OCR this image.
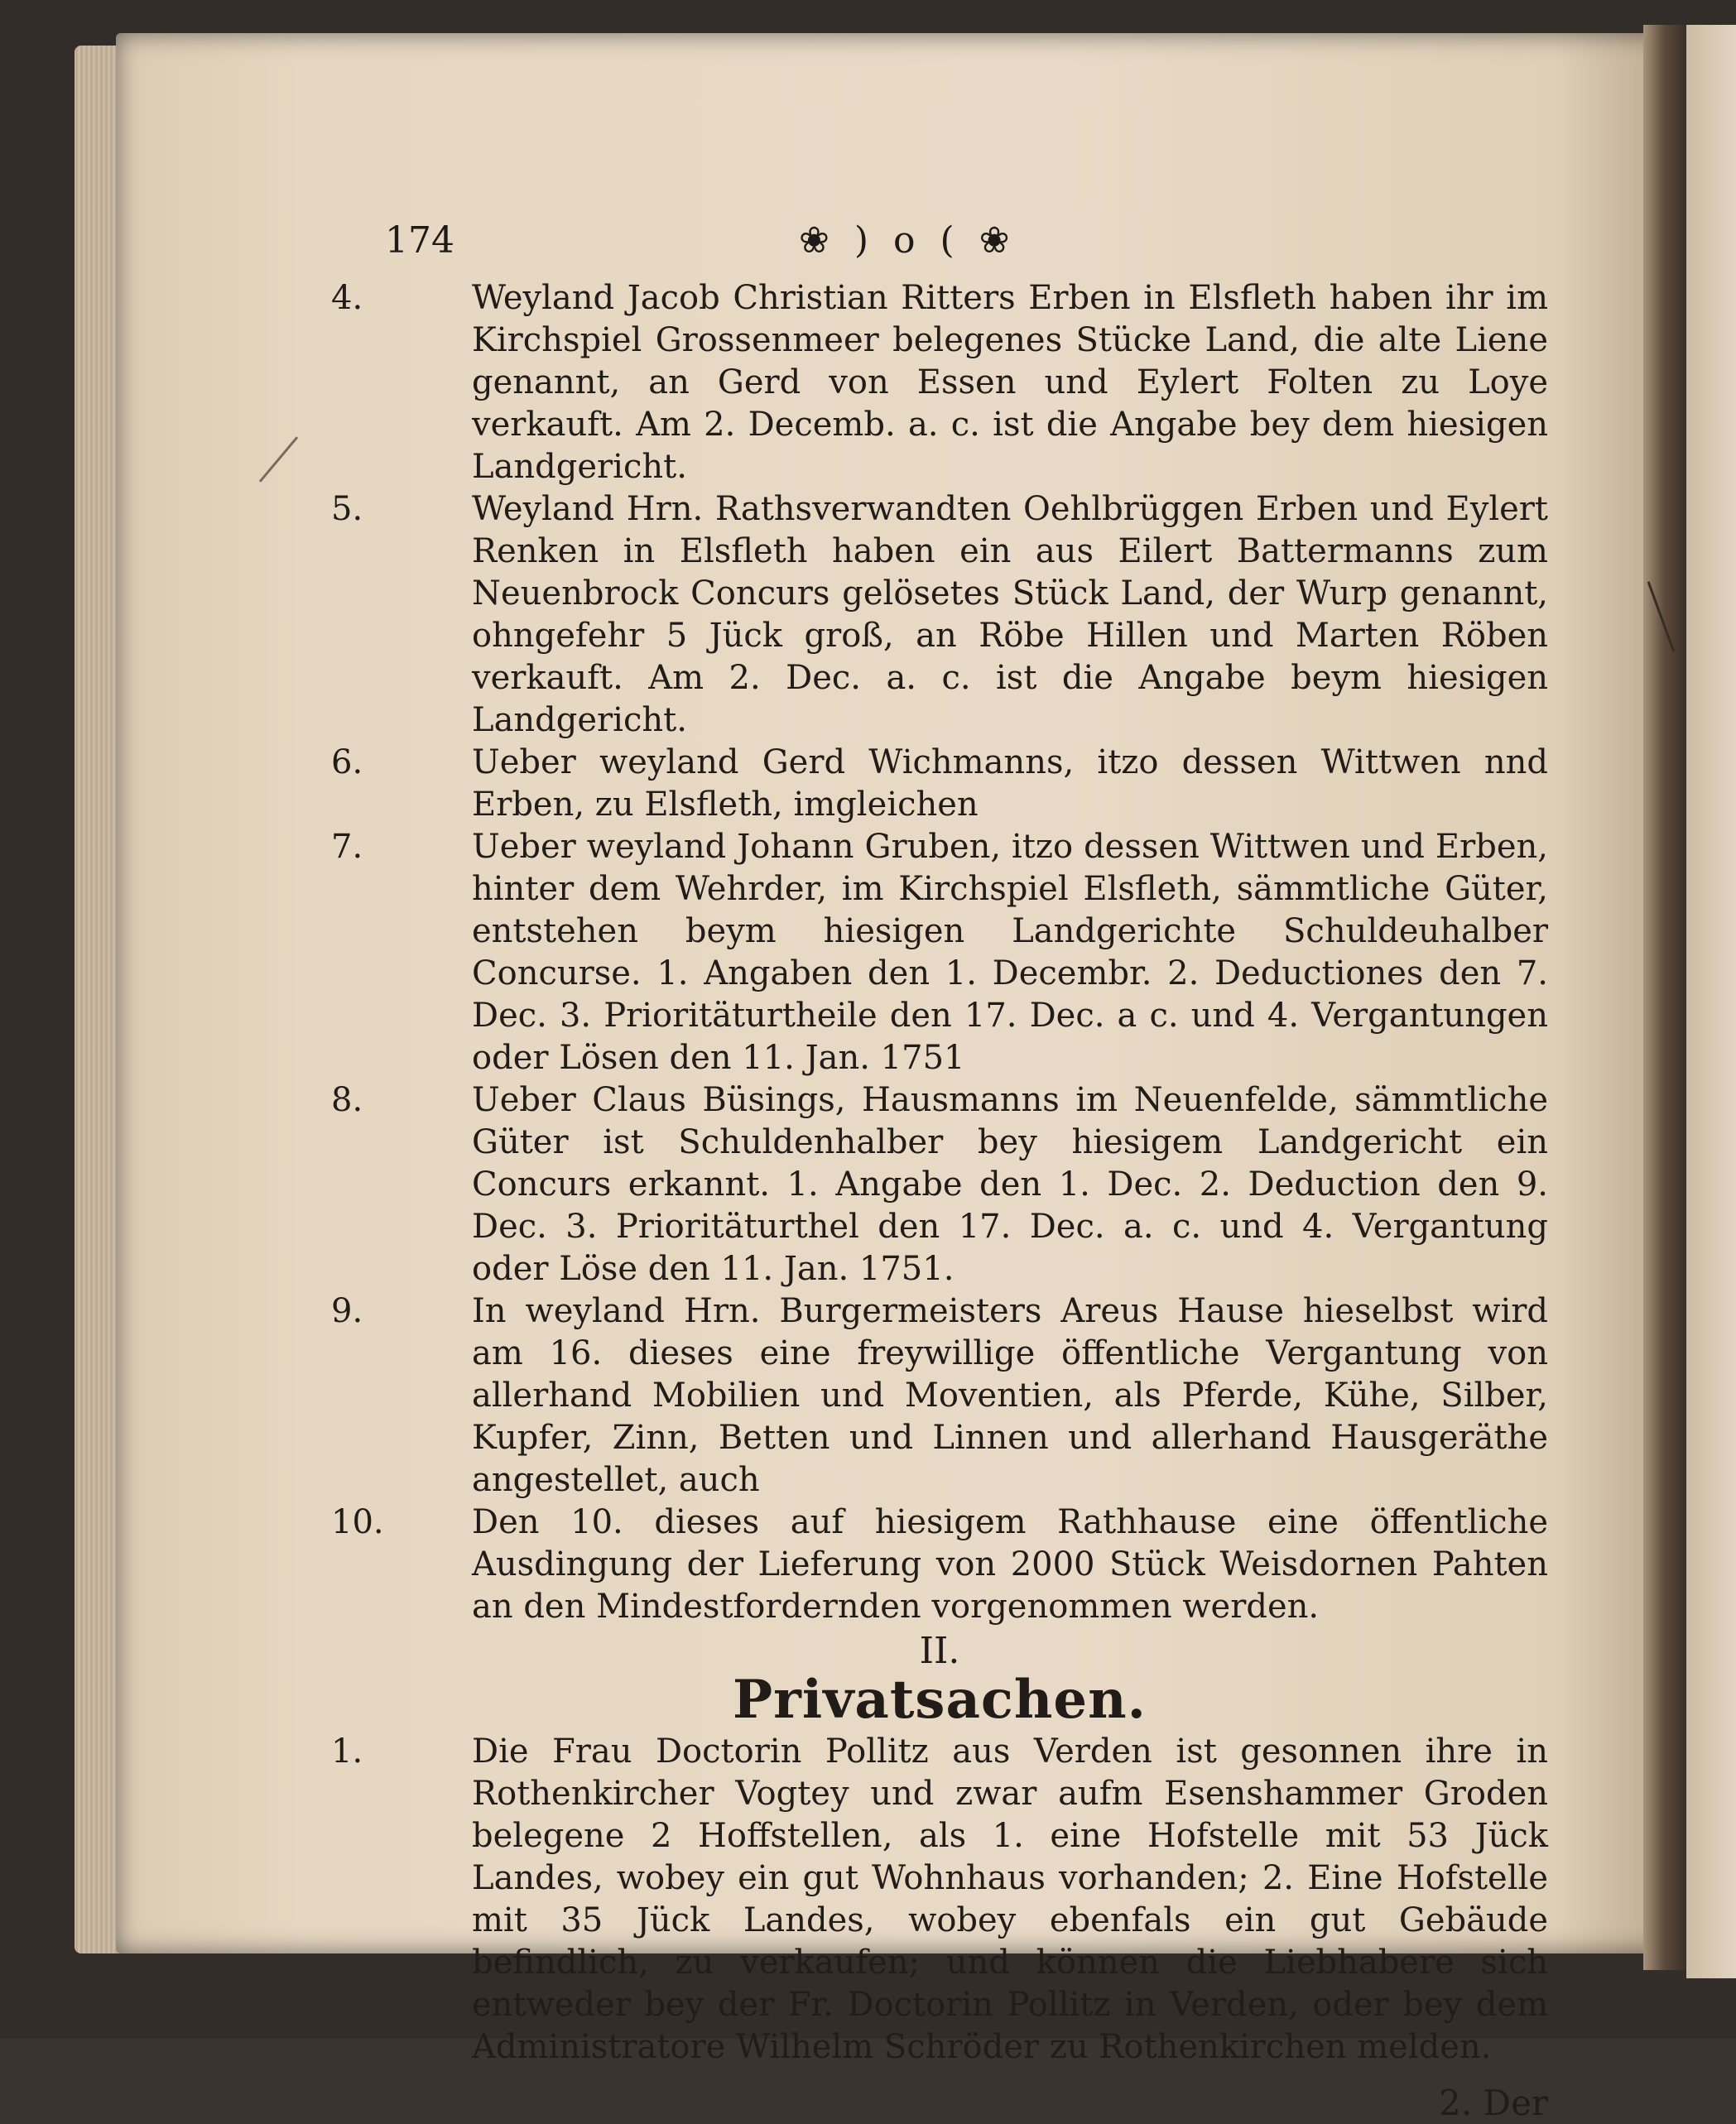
174	❀ ) o ( ❀

4.	Weyland Jacob Christian Ritters Erben in Elsfleth haben ihr im Kirchspiel Grossenmeer belegenes Stücke Land, die alte Liene genannt, an Gerd von Essen und Eylert Folten zu Loye verkauft. Am 2. Decemb. a. c. ist die Angabe bey dem hiesigen Landgericht.

5.	Weyland Hrn. Rathsverwandten Oehlbrüggen Erben und Eylert Renken in Elsfleth haben ein aus Eilert Battermanns zum Neuenbrock Concurs gelösetes Stück Land, der Wurp genannt, ohngefehr 5 Jück groß, an Röbe Hillen und Marten Röben verkauft. Am 2. Dec. a. c. ist die Angabe beym hiesigen Landgericht.

6.	Ueber weyland Gerd Wichmanns, itzo dessen Wittwen nnd Erben, zu Elsfleth, imgleichen

7.	Ueber weyland Johann Gruben, itzo dessen Wittwen und Erben, hinter dem Wehrder, im Kirchspiel Elsfleth, sämmtliche Güter, entstehen beym hiesigen Landgerichte Schuldeuhalber Concurse. 1. Angaben den 1. Decembr. 2. Deductiones den 7. Dec. 3. Prioritäturtheile den 17. Dec. a c. und 4. Vergantungen oder Lösen den 11. Jan. 1751

8.	Ueber Claus Büsings, Hausmanns im Neuenfelde, sämmtliche Güter ist Schuldenhalber bey hiesigem Landgericht ein Concurs erkannt. 1. Angabe den 1. Dec. 2. Deduction den 9. Dec. 3. Prioritäturthel den 17. Dec. a. c. und 4. Vergantung oder Löse den 11. Jan. 1751.

9.	In weyland Hrn. Burgermeisters Areus Hause hieselbst wird am 16. dieses eine freywillige öffentliche Vergantung von allerhand Mobilien und Moventien, als Pferde, Kühe, Silber, Kupfer, Zinn, Betten und Linnen und allerhand Hausgeräthe angestellet, auch

10.	Den 10. dieses auf hiesigem Rathhause eine öffentliche Ausdingung der Lieferung von 2000 Stück Weisdornen Pahten an den Mindestfordernden vorgenommen werden.

II.
Privatsachen.

1.	Die Frau Doctorin Pollitz aus Verden ist gesonnen ihre in Rothenkircher Vogtey und zwar aufm Esenshammer Groden belegene 2 Hoffstellen, als 1. eine Hofstelle mit 53 Jück Landes, wobey ein gut Wohnhaus vorhanden; 2. Eine Hofstelle mit 35 Jück Landes, wobey ebenfals ein gut Gebäude befindlich, zu verkaufen; und können die Liebhabere sich entweder bey der Fr. Doctorin Pollitz in Verden, oder bey dem Administratore Wilhelm Schröder zu Rothenkirchen melden.

2. Der
